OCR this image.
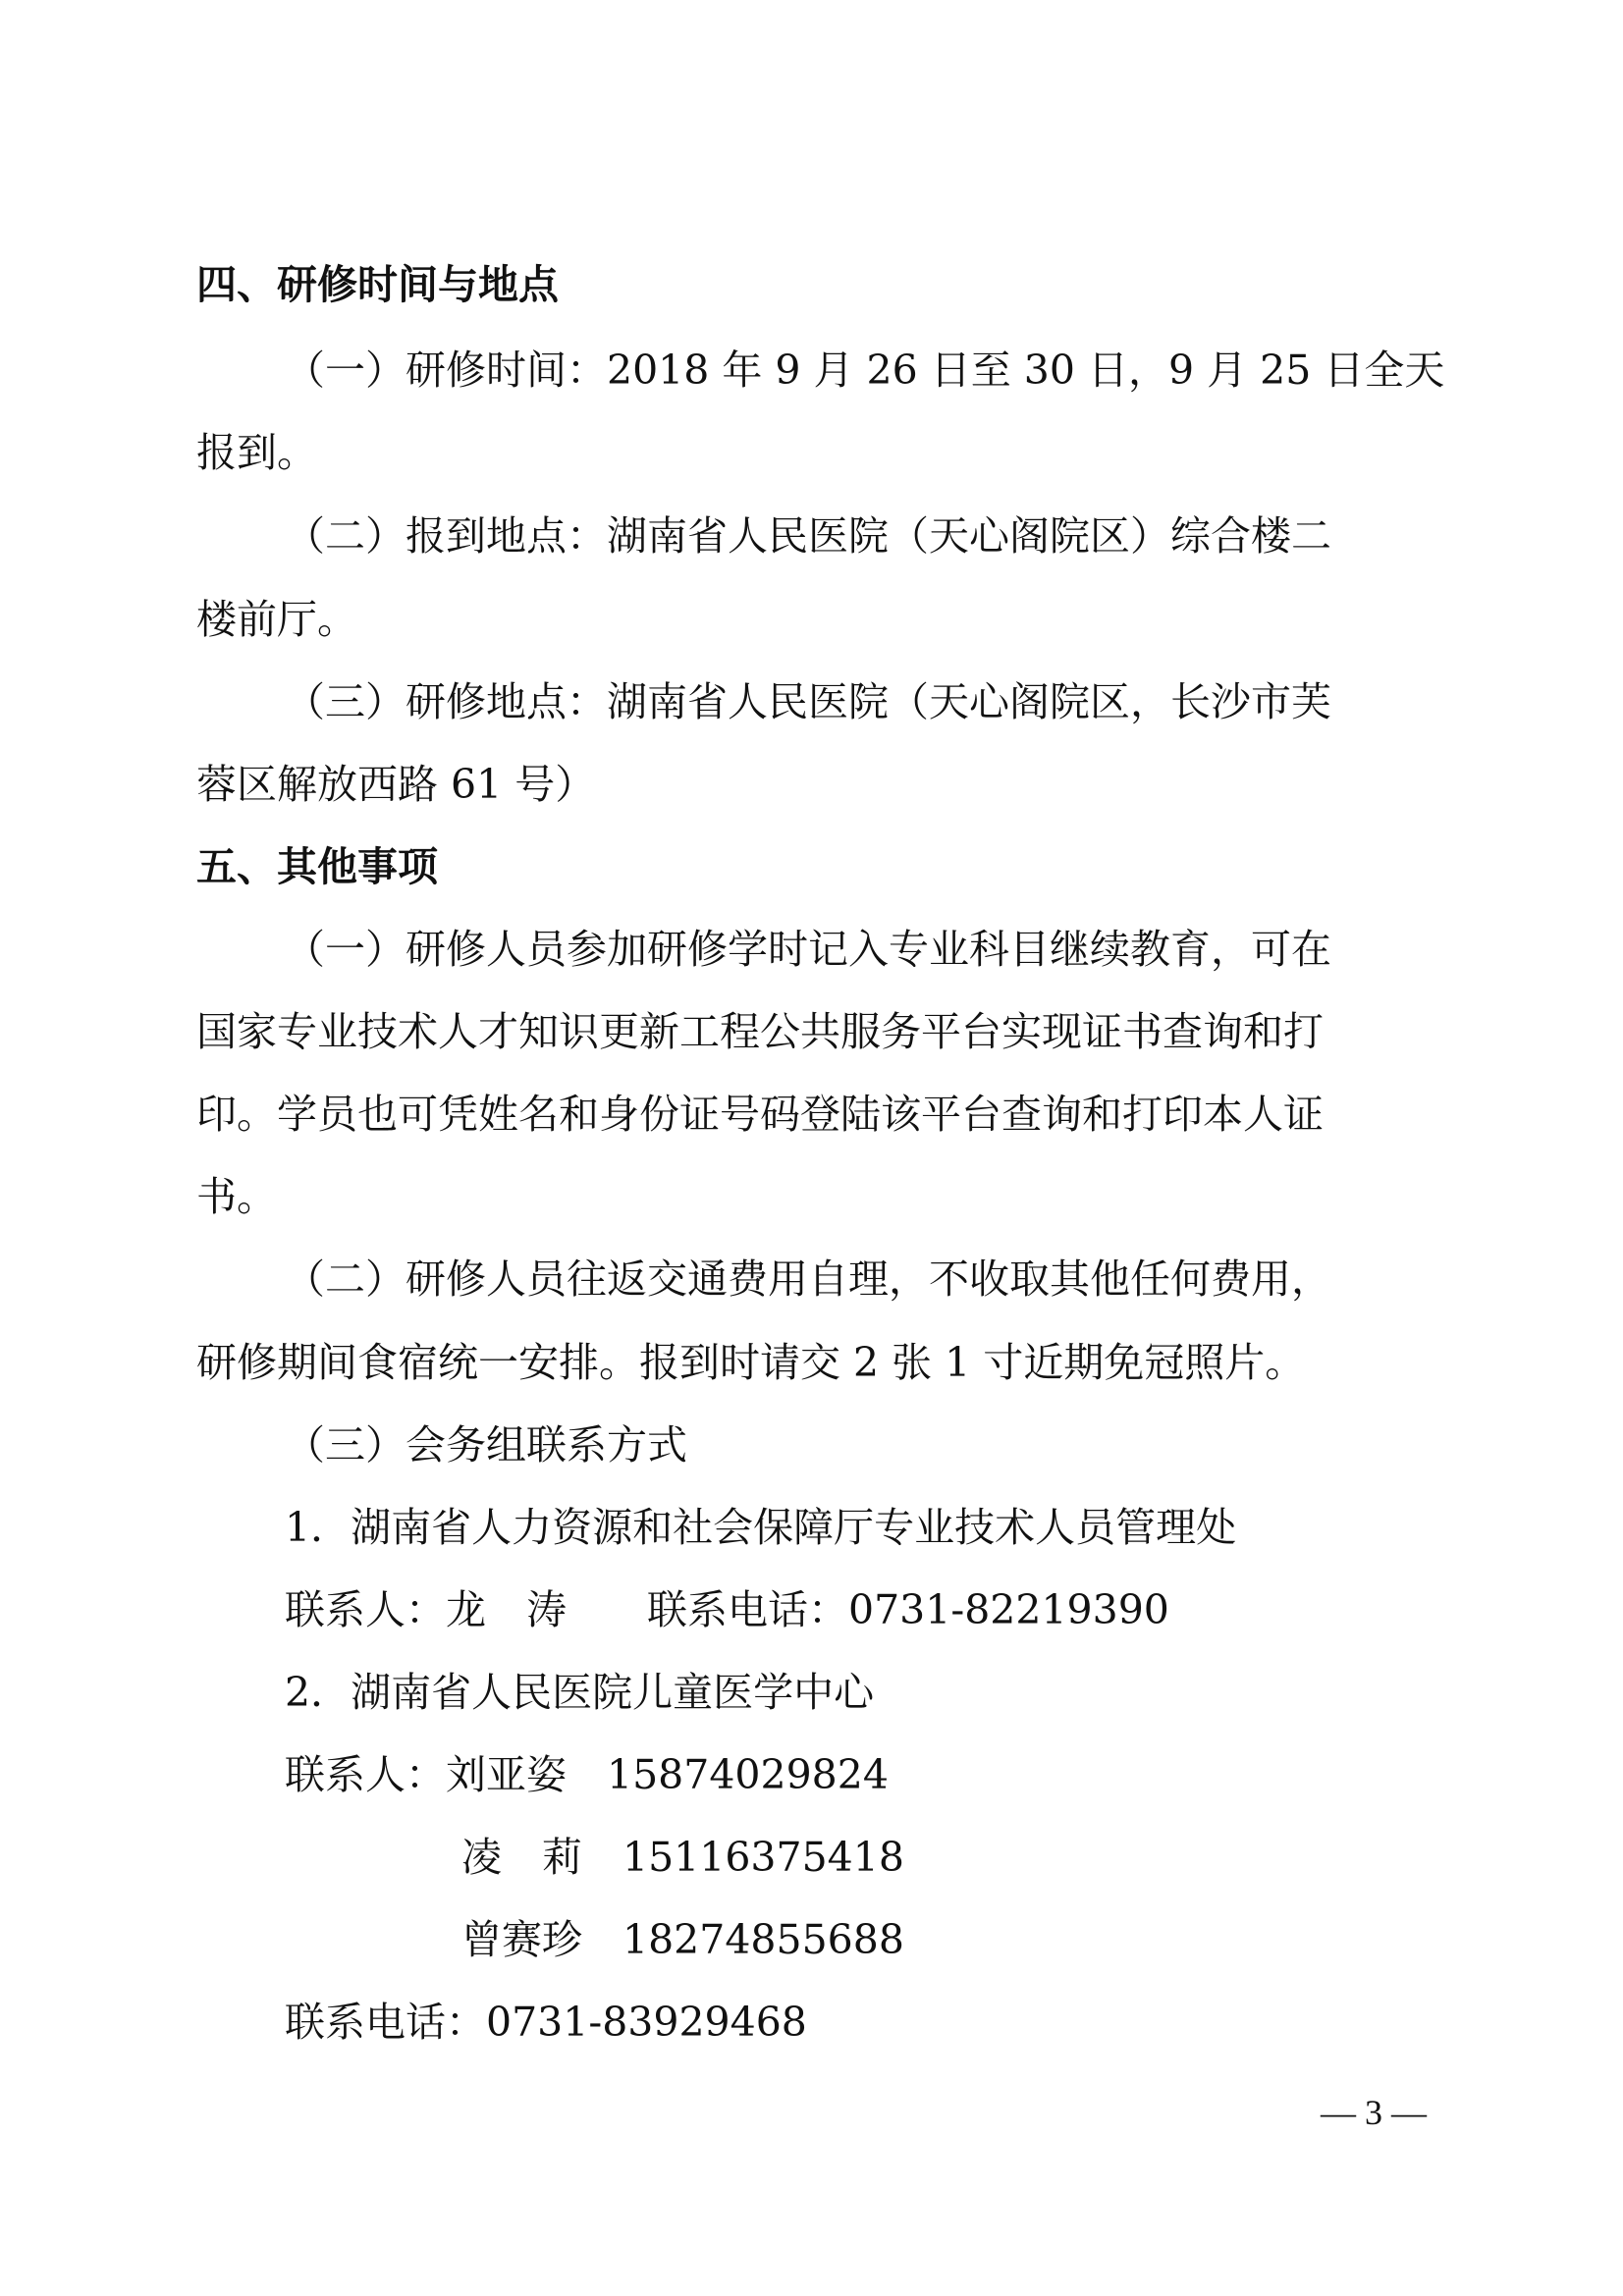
四、研修时间与地点
（一）研修时间：2018 年 9 月 26 日至 30 日，9 月 25 日全天
报到。
（二）报到地点：湖南省人民医院（天心阁院区）综合楼二
楼前厅。
（三）研修地点：湖南省人民医院（天心阁院区，长沙市芙
蓉区解放西路 61 号）
五、其他事项
（一）研修人员参加研修学时记入专业科目继续教育，可在
国家专业技术人才知识更新工程公共服务平台实现证书查询和打
印。学员也可凭姓名和身份证号码登陆该平台查询和打印本人证
书。
（二）研修人员往返交通费用自理，不收取其他任何费用，
研修期间食宿统一安排。报到时请交 2 张 1 寸近期免冠照片。
（三）会务组联系方式
1．湖南省人力资源和社会保障厅专业技术人员管理处
联系人：龙　涛　　联系电话：0731-82219390
2．湖南省人民医院儿童医学中心
联系人：刘亚姿　15874029824
凌　莉　15116375418
曾赛珍　18274855688
联系电话：0731-83929468
— 3 —
